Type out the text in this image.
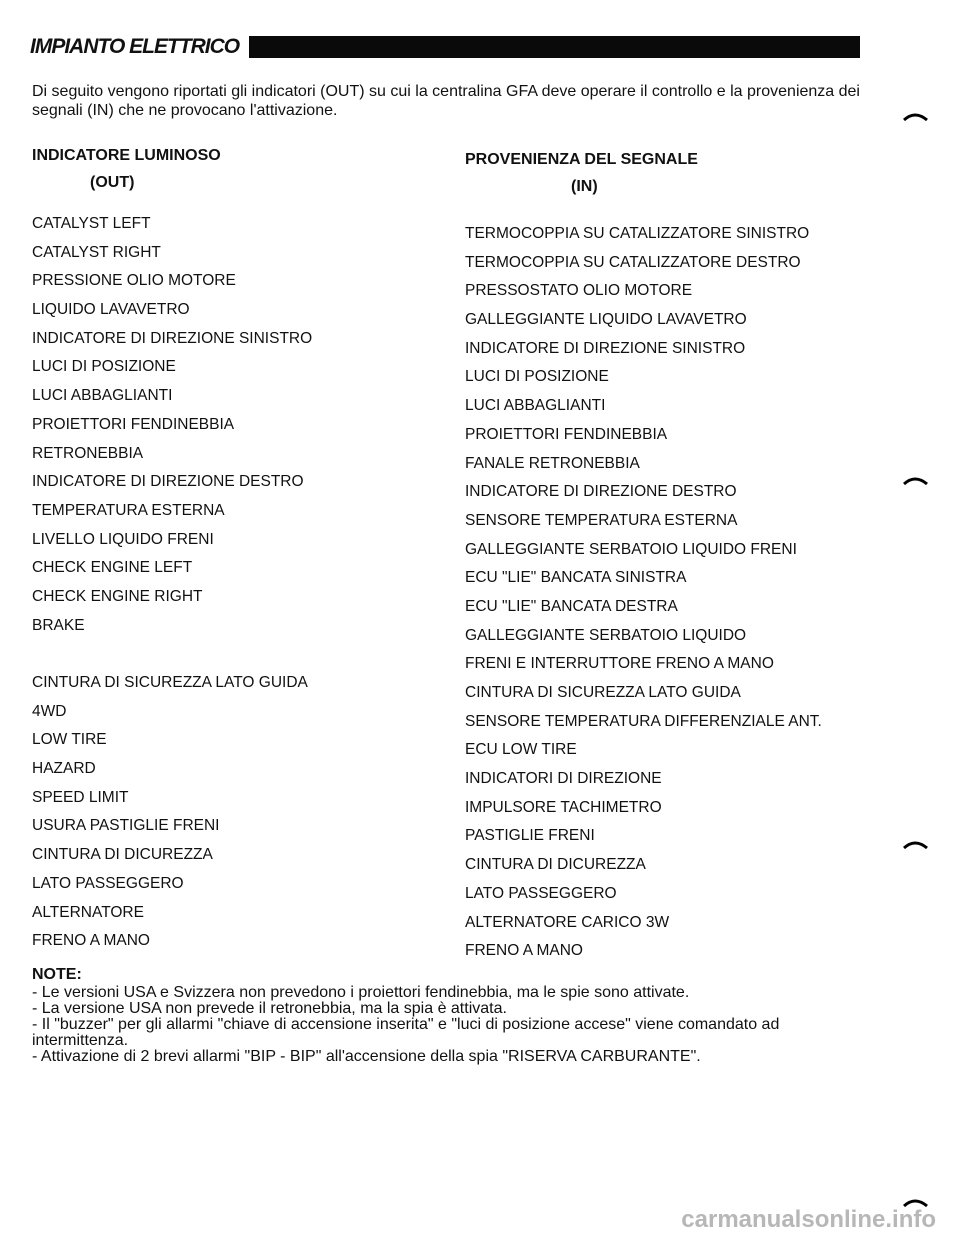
IMPIANTO ELETTRICO

Di seguito vengono riportati gli indicatori (OUT) su cui la centralina GFA deve operare il controllo e la provenienza dei segnali (IN) che ne provocano l'attivazione.

INDICATORE LUMINOSO
(OUT)
PROVENIENZA DEL SEGNALE
(IN)
CATALYST LEFT
CATALYST RIGHT
PRESSIONE OLIO MOTORE
LIQUIDO LAVAVETRO
INDICATORE DI DIREZIONE SINISTRO
LUCI DI POSIZIONE
LUCI ABBAGLIANTI
PROIETTORI FENDINEBBIA
RETRONEBBIA
INDICATORE DI DIREZIONE DESTRO
TEMPERATURA ESTERNA
LIVELLO LIQUIDO FRENI
CHECK ENGINE LEFT
CHECK ENGINE RIGHT
BRAKE
CINTURA DI SICUREZZA LATO GUIDA
4WD
LOW TIRE
HAZARD
SPEED LIMIT
USURA PASTIGLIE FRENI
CINTURA DI DICUREZZA
LATO PASSEGGERO
ALTERNATORE
FRENO A MANO
TERMOCOPPIA SU CATALIZZATORE SINISTRO
TERMOCOPPIA SU CATALIZZATORE DESTRO
PRESSOSTATO OLIO MOTORE
GALLEGGIANTE LIQUIDO LAVAVETRO
INDICATORE DI DIREZIONE SINISTRO
LUCI DI POSIZIONE
LUCI ABBAGLIANTI
PROIETTORI FENDINEBBIA
FANALE RETRONEBBIA
INDICATORE DI DIREZIONE DESTRO
SENSORE TEMPERATURA ESTERNA
GALLEGGIANTE SERBATOIO LIQUIDO FRENI
ECU "LIE" BANCATA SINISTRA
ECU "LIE" BANCATA DESTRA
GALLEGGIANTE SERBATOIO LIQUIDO
FRENI E INTERRUTTORE FRENO A MANO
CINTURA DI SICUREZZA LATO GUIDA
SENSORE TEMPERATURA DIFFERENZIALE ANT.
ECU LOW TIRE
INDICATORI DI DIREZIONE
IMPULSORE TACHIMETRO
PASTIGLIE FRENI
CINTURA DI DICUREZZA
LATO PASSEGGERO
ALTERNATORE CARICO 3W
FRENO A MANO
NOTE:

- Le versioni USA e Svizzera non prevedono i proiettori fendinebbia, ma le spie sono attivate.

- La versione USA non prevede il retronebbia, ma la spia è attivata.

- Il "buzzer" per gli allarmi "chiave di accensione inserita" e "luci di posizione accese" viene comandato ad intermittenza.

- Attivazione di 2 brevi allarmi "BIP - BIP" all'accensione della spia "RISERVA CARBURANTE".

carmanualsonline.info
